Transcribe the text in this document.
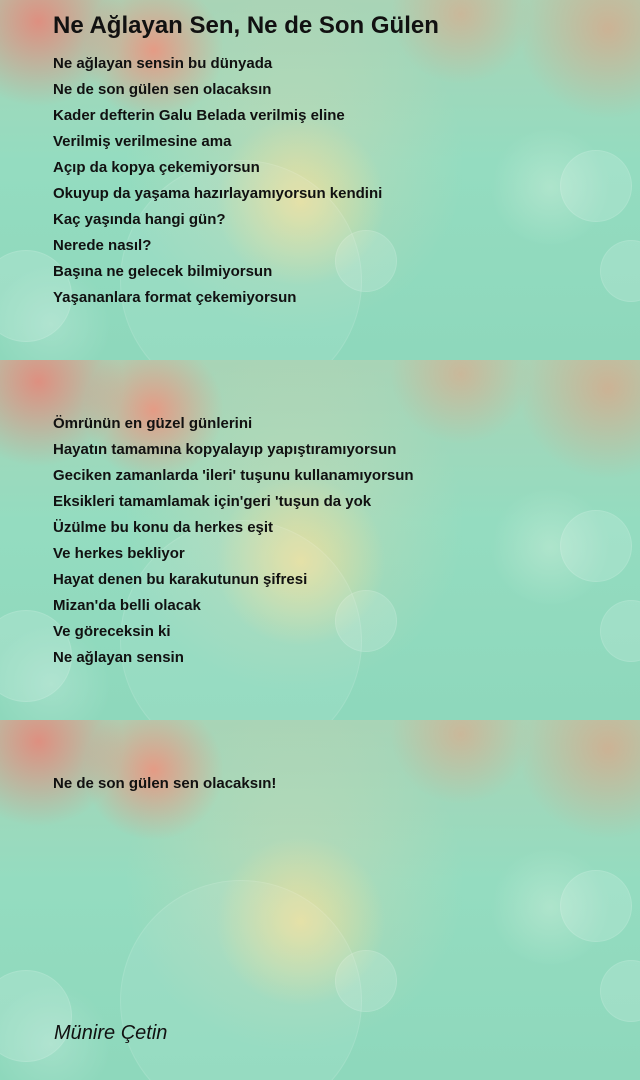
Ne Ağlayan Sen, Ne de Son Gülen
Ne ağlayan sensin bu dünyada
Ne de son gülen sen olacaksın
Kader defterin Galu Belada verilmiş eline
Verilmiş verilmesine ama
Açıp da kopya çekemiyorsun
Okuyup da yaşama hazırlayamıyorsun kendini
Kaç yaşında hangi gün?
Nerede nasıl?
Başına ne gelecek bilmiyorsun
Yaşananlara format çekemiyorsun
Ömrünün en güzel günlerini
Hayatın tamamına kopyalayıp yapıştıramıyorsun
Geciken zamanlarda 'ileri' tuşunu kullanamıyorsun
Eksikleri tamamlamak için'geri 'tuşun da yok
Üzülme bu konu da herkes eşit
Ve herkes bekliyor
Hayat denen bu karakutunun şifresi
Mizan'da belli olacak
Ve göreceksin ki
Ne ağlayan sensin
Ne de son gülen sen olacaksın!
Münire Çetin
